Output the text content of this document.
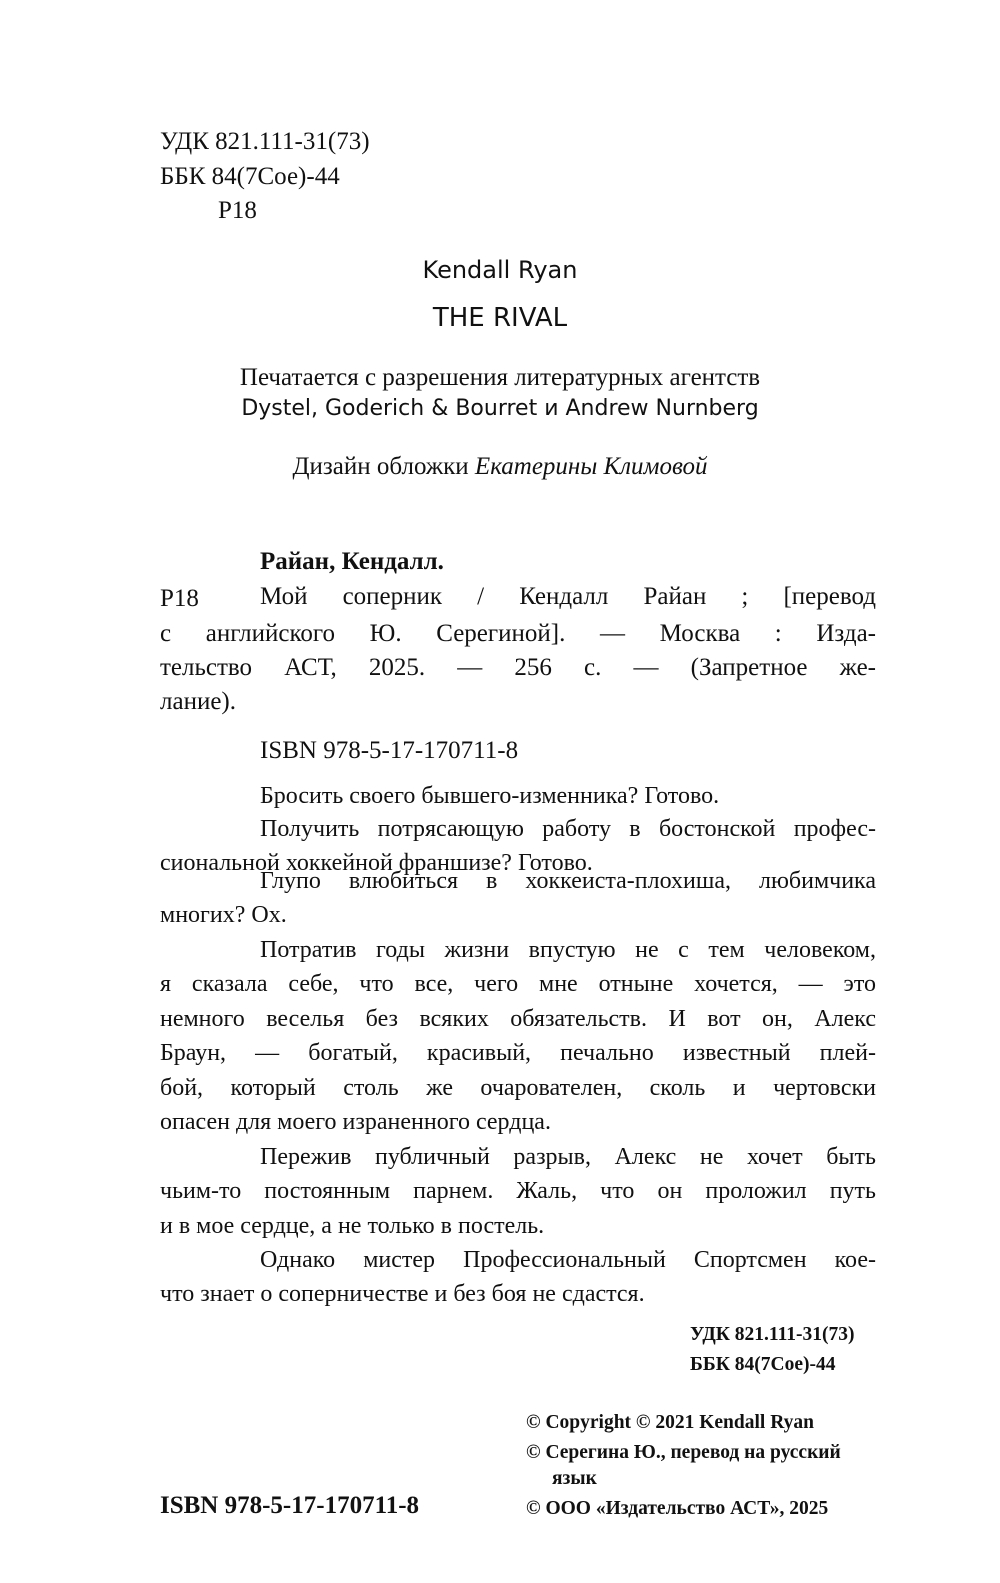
УДК 821.111-31(73)
ББК 84(7Сое)-44
Р18
Kendall Ryan
THE RIVAL
Печатается с разрешения литературных агентств
Dystel, Goderich & Bourret и Andrew Nurnberg
Дизайн обложки Екатерины Климовой
Райан, Кендалл.
Р18 Мой соперник / Кендалл Райан ; [перевод
с английского Ю. Серегиной]. — Москва : Изда-
тельство АСТ, 2025. — 256 с. — (Запретное же-
лание).
ISBN 978-5-17-170711-8
Бросить своего бывшего-изменника? Готово.
Получить потрясающую работу в бостонской профес-
сиональной хоккейной франшизе? Готово.
Глупо влюбиться в хоккеиста-плохиша, любимчика
многих? Ох.
Потратив годы жизни впустую не с тем человеком,
я сказала себе, что все, чего мне отныне хочется, — это
немного веселья без всяких обязательств. И вот он, Алекс
Браун, — богатый, красивый, печально известный плей-
бой, который столь же очарователен, сколь и чертовски
опасен для моего израненного сердца.
Пережив публичный разрыв, Алекс не хочет быть
чьим-то постоянным парнем. Жаль, что он проложил путь
и в мое сердце, а не только в постель.
Однако мистер Профессиональный Спортсмен кое-
что знает о соперничестве и без боя не сдастся.
УДК 821.111-31(73)
ББК 84(7Сое)-44
© Copyright © 2021 Kendall Ryan
© Серегина Ю., перевод на русский
язык
© ООО «Издательство АСТ», 2025
ISBN 978-5-17-170711-8
